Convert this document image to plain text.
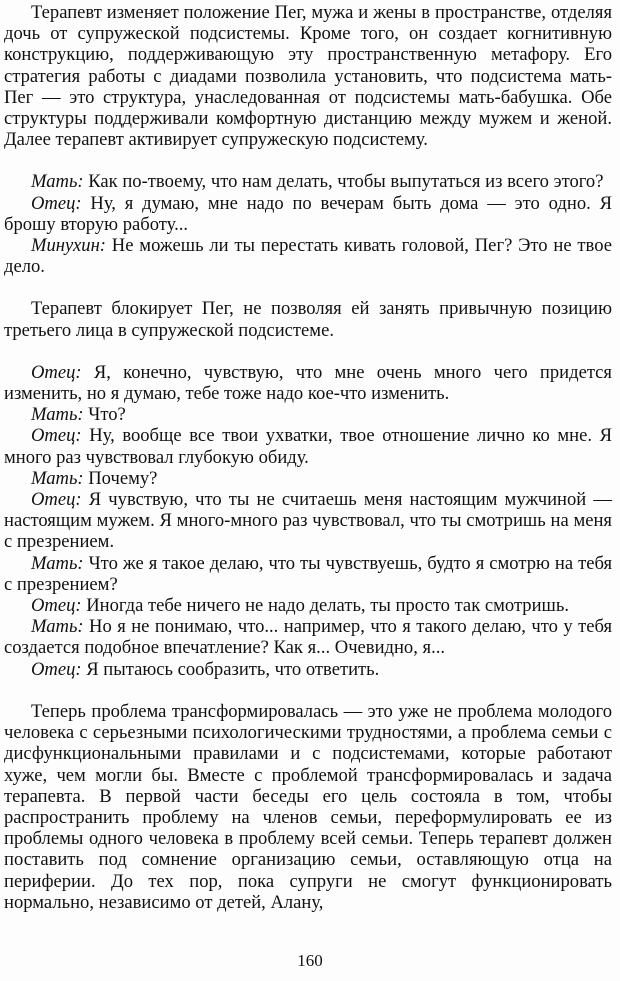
Терапевт изменяет положение Пег, мужа и жены в пространстве, отделяя дочь от супружеской подсистемы. Кроме того, он создает когнитивную конструкцию, поддерживающую эту пространственную метафору. Его стратегия работы с диадами позволила установить, что подсистема мать-Пег — это структура, унаследованная от подсистемы мать-бабушка. Обе структуры поддерживали комфортную дистанцию между мужем и женой. Далее терапевт активирует супружескую подсистему.

Мать: Как по-твоему, что нам делать, чтобы выпутаться из всего этого?

Отец: Ну, я думаю, мне надо по вечерам быть дома — это одно. Я брошу вторую работу...

Минухин: Не можешь ли ты перестать кивать головой, Пег? Это не твое дело.

Терапевт блокирует Пег, не позволяя ей занять привычную позицию третьего лица в супружеской подсистеме.

Отец: Я, конечно, чувствую, что мне очень много чего придется изменить, но я думаю, тебе тоже надо кое-что изменить.

Мать: Что?

Отец: Ну, вообще все твои ухватки, твое отношение лично ко мне. Я много раз чувствовал глубокую обиду.

Мать: Почему?

Отец: Я чувствую, что ты не считаешь меня настоящим мужчиной — настоящим мужем. Я много-много раз чувствовал, что ты смотришь на меня с презрением.

Мать: Что же я такое делаю, что ты чувствуешь, будто я смотрю на тебя с презрением?

Отец: Иногда тебе ничего не надо делать, ты просто так смотришь.

Мать: Но я не понимаю, что... например, что я такого делаю, что у тебя создается подобное впечатление? Как я... Очевидно, я...

Отец: Я пытаюсь сообразить, что ответить.

Теперь проблема трансформировалась — это уже не проблема молодого человека с серьезными психологическими трудностями, а проблема семьи с дисфункциональными правилами и с подсистемами, которые работают хуже, чем могли бы. Вместе с проблемой трансформировалась и задача терапевта. В первой части беседы его цель состояла в том, чтобы распространить проблему на членов семьи, переформулировать ее из проблемы одного человека в проблему всей семьи. Теперь терапевт должен поставить под сомнение организацию семьи, оставляющую отца на периферии. До тех пор, пока супруги не смогут функционировать нормально, независимо от детей, Алану,

160
